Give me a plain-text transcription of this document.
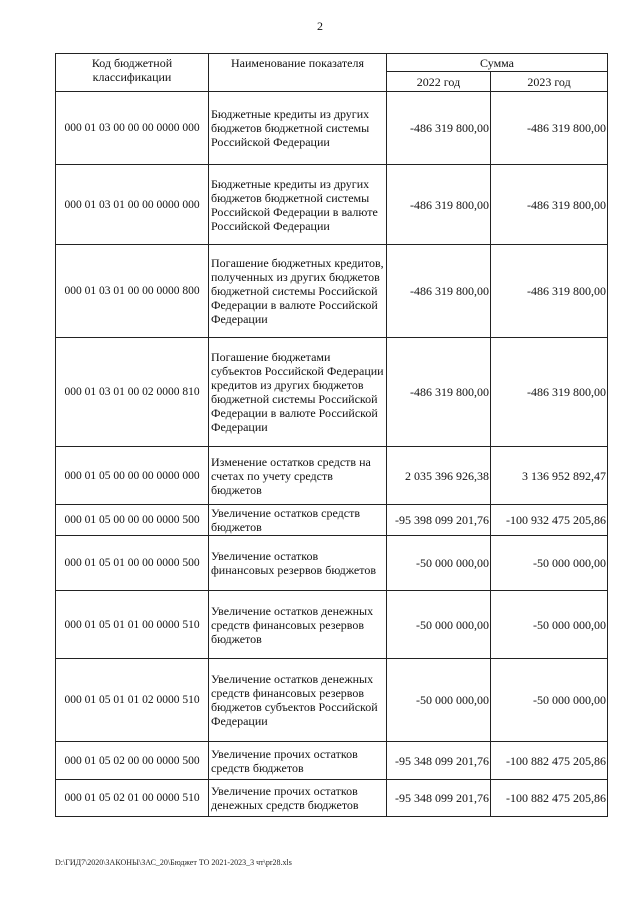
2
Код бюджетной классификации	Наименование показателя	Сумма	
		2022 год	2023 год
000 01 03 00 00 00 0000 000	Бюджетные кредиты из других бюджетов бюджетной системы Российской Федерации	-486 319 800,00	-486 319 800,00
000 01 03 01 00 00 0000 000	Бюджетные кредиты из других бюджетов бюджетной системы Российской Федерации в валюте Российской Федерации	-486 319 800,00	-486 319 800,00
000 01 03 01 00 00 0000 800	Погашение бюджетных кредитов, полученных из других бюджетов бюджетной системы Российской Федерации в валюте Российской Федерации	-486 319 800,00	-486 319 800,00
000 01 03 01 00 02 0000 810	Погашение бюджетами субъектов Российской Федерации кредитов из других бюджетов бюджетной системы Российской Федерации в валюте Российской Федерации	-486 319 800,00	-486 319 800,00
000 01 05 00 00 00 0000 000	Изменение остатков средств на счетах по учету средств бюджетов	2 035 396 926,38	3 136 952 892,47
000 01 05 00 00 00 0000 500	Увеличение остатков средств бюджетов	-95 398 099 201,76	-100 932 475 205,86
000 01 05 01 00 00 0000 500	Увеличение остатков финансовых резервов бюджетов	-50 000 000,00	-50 000 000,00
000 01 05 01 01 00 0000 510	Увеличение остатков денежных средств финансовых резервов бюджетов	-50 000 000,00	-50 000 000,00
000 01 05 01 01 02 0000 510	Увеличение остатков денежных средств финансовых резервов бюджетов субъектов Российской Федерации	-50 000 000,00	-50 000 000,00
000 01 05 02 00 00 0000 500	Увеличение прочих остатков средств бюджетов	-95 348 099 201,76	-100 882 475 205,86
000 01 05 02 01 00 0000 510	Увеличение прочих остатков денежных средств бюджетов	-95 348 099 201,76	-100 882 475 205,86
D:\ГИД7\2020\ЗАКОНЫ\ЗАС_20\Бюджет ТО 2021-2023_3 чт\pr28.xls
